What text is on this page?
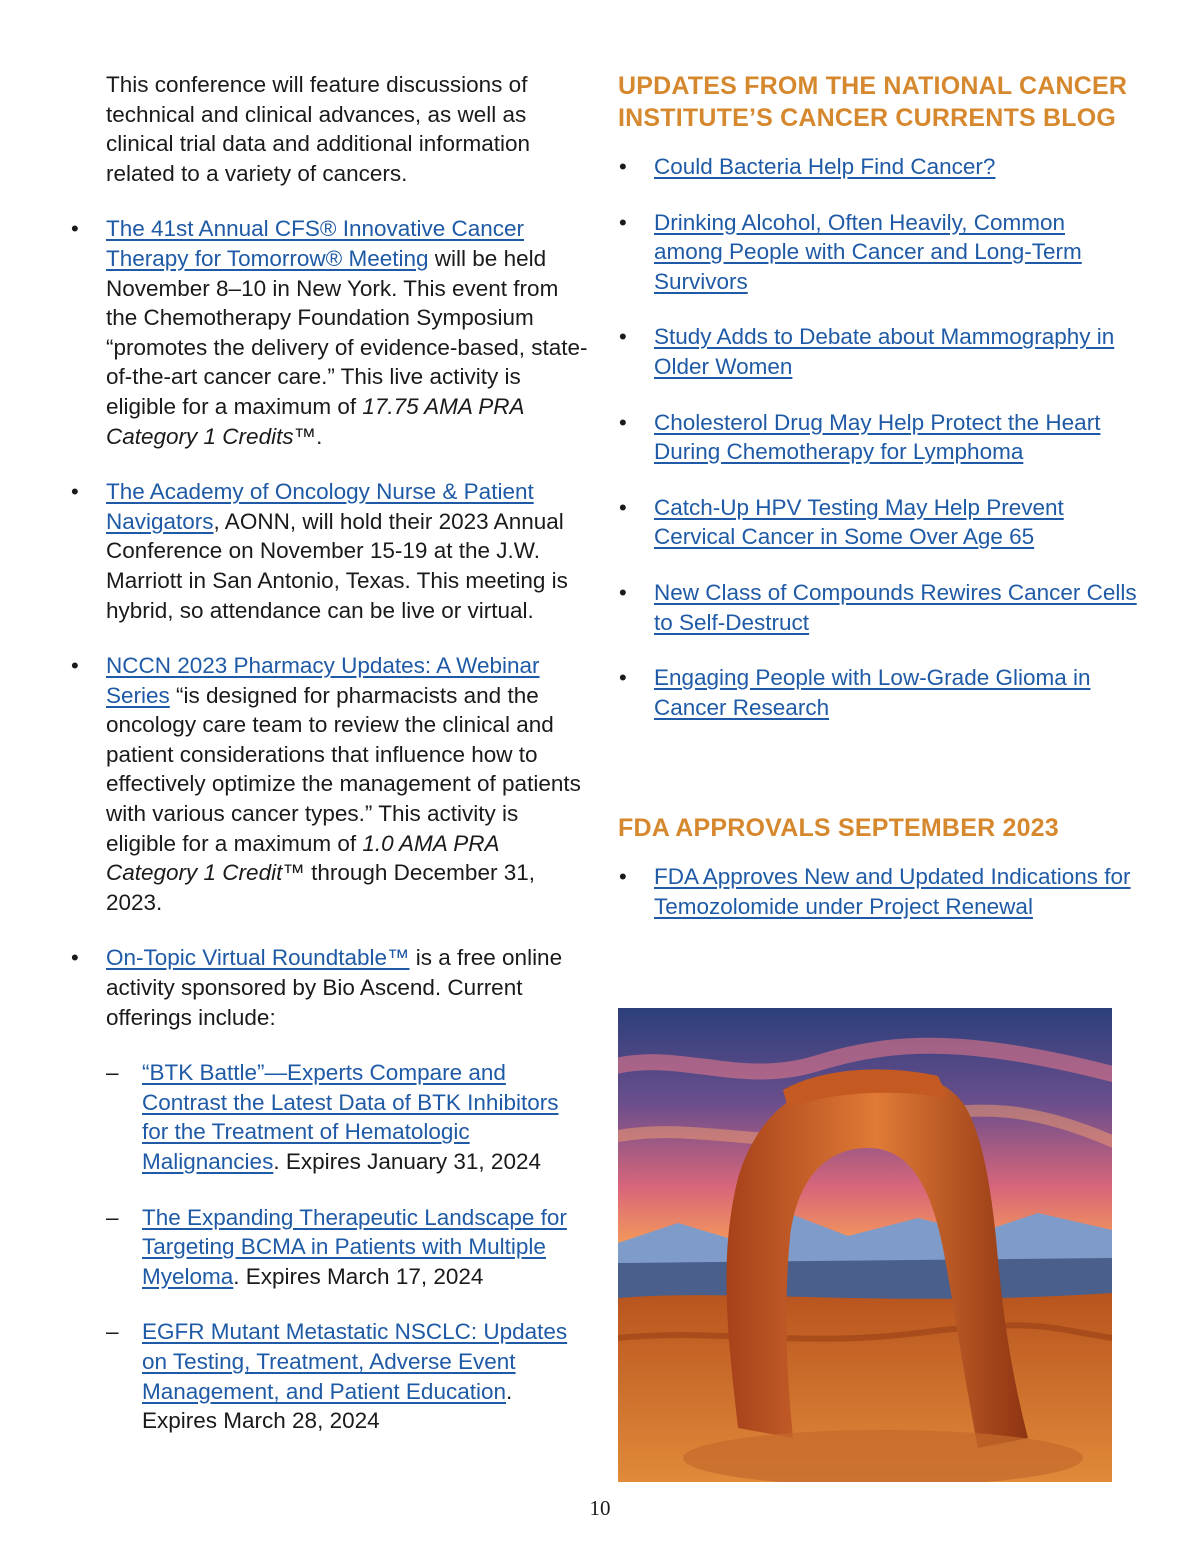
This conference will feature discussions of technical and clinical advances, as well as clinical trial data and additional information related to a variety of cancers.

• The 41st Annual CFS® Innovative Cancer Therapy for Tomorrow® Meeting will be held November 8–10 in New York. This event from the Chemotherapy Foundation Symposium “promotes the delivery of evidence-based, state-of-the-art cancer care.” This live activity is eligible for a maximum of 17.75 AMA PRA Category 1 Credits™.
• The Academy of Oncology Nurse & Patient Navigators, AONN, will hold their 2023 Annual Conference on November 15-19 at the J.W. Marriott in San Antonio, Texas. This meeting is hybrid, so attendance can be live or virtual.
• NCCN 2023 Pharmacy Updates: A Webinar Series “is designed for pharmacists and the oncology care team to review the clinical and patient considerations that influence how to effectively optimize the management of patients with various cancer types.” This activity is eligible for a maximum of 1.0 AMA PRA Category 1 Credit™ through December 31, 2023.
• On-Topic Virtual Roundtable™ is a free online activity sponsored by Bio Ascend. Current offerings include:
– “BTK Battle”—Experts Compare and Contrast the Latest Data of BTK Inhibitors for the Treatment of Hematologic Malignancies. Expires January 31, 2024
– The Expanding Therapeutic Landscape for Targeting BCMA in Patients with Multiple Myeloma. Expires March 17, 2024
– EGFR Mutant Metastatic NSCLC: Updates on Testing, Treatment, Adverse Event Management, and Patient Education. Expires March 28, 2024
UPDATES FROM THE NATIONAL CANCER INSTITUTE’S CANCER CURRENTS BLOG
• Could Bacteria Help Find Cancer?
• Drinking Alcohol, Often Heavily, Common among People with Cancer and Long-Term Survivors
• Study Adds to Debate about Mammography in Older Women
• Cholesterol Drug May Help Protect the Heart During Chemotherapy for Lymphoma
• Catch-Up HPV Testing May Help Prevent Cervical Cancer in Some Over Age 65
• New Class of Compounds Rewires Cancer Cells to Self-Destruct
• Engaging People with Low-Grade Glioma in Cancer Research
FDA APPROVALS SEPTEMBER 2023
• FDA Approves New and Updated Indications for Temozolomide under Project Renewal
10
